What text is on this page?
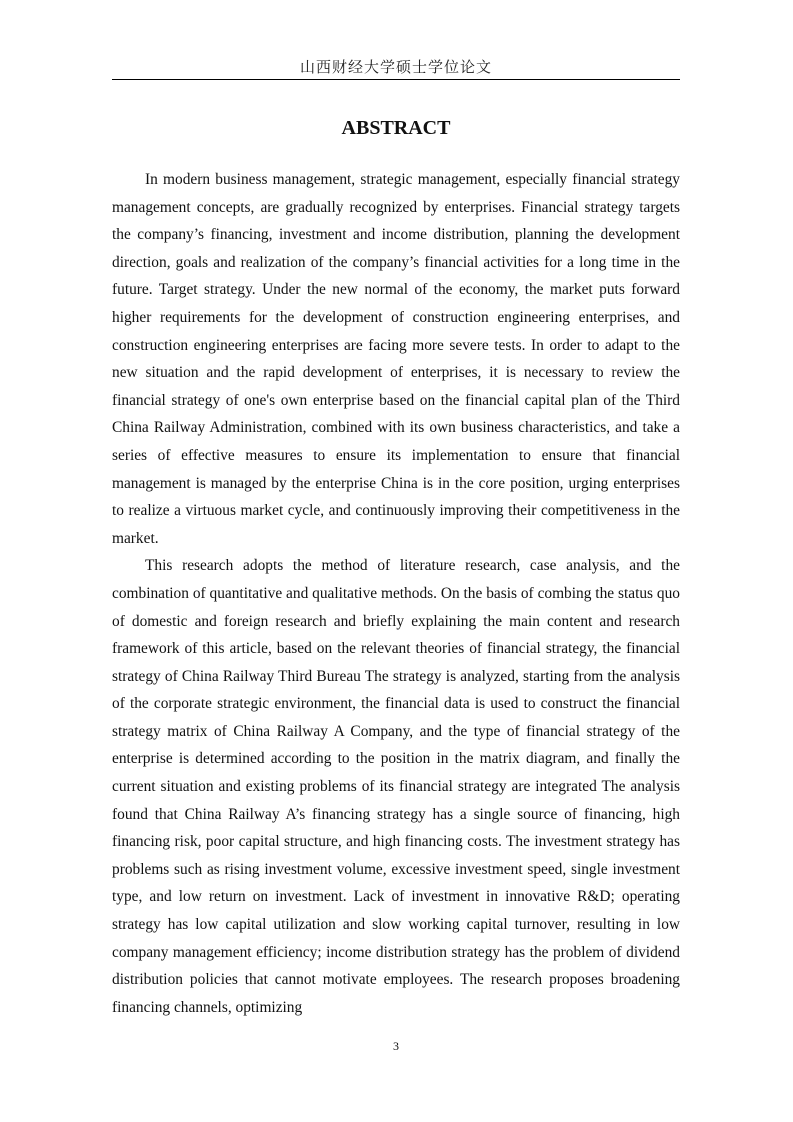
山西财经大学硕士学位论文
ABSTRACT

In modern business management, strategic management, especially financial strategy management concepts, are gradually recognized by enterprises. Financial strategy targets the company’s financing, investment and income distribution, planning the development direction, goals and realization of the company’s financial activities for a long time in the future. Target strategy. Under the new normal of the economy, the market puts forward higher requirements for the development of construction engineering enterprises, and construction engineering enterprises are facing more severe tests. In order to adapt to the new situation and the rapid development of enterprises, it is necessary to review the financial strategy of one's own enterprise based on the financial capital plan of the Third China Railway Administration, combined with its own business characteristics, and take a series of effective measures to ensure its implementation to ensure that financial management is managed by the enterprise China is in the core position, urging enterprises to realize a virtuous market cycle, and continuously improving their competitiveness in the market.

This research adopts the method of literature research, case analysis, and the combination of quantitative and qualitative methods. On the basis of combing the status quo of domestic and foreign research and briefly explaining the main content and research framework of this article, based on the relevant theories of financial strategy, the financial strategy of China Railway Third Bureau The strategy is analyzed, starting from the analysis of the corporate strategic environment, the financial data is used to construct the financial strategy matrix of China Railway A Company, and the type of financial strategy of the enterprise is determined according to the position in the matrix diagram, and finally the current situation and existing problems of its financial strategy are integrated The analysis found that China Railway A’s financing strategy has a single source of financing, high financing risk, poor capital structure, and high financing costs. The investment strategy has problems such as rising investment volume, excessive investment speed, single investment type, and low return on investment. Lack of investment in innovative R&D; operating strategy has low capital utilization and slow working capital turnover, resulting in low company management efficiency; income distribution strategy has the problem of dividend distribution policies that cannot motivate employees. The research proposes broadening financing channels, optimizing

3
